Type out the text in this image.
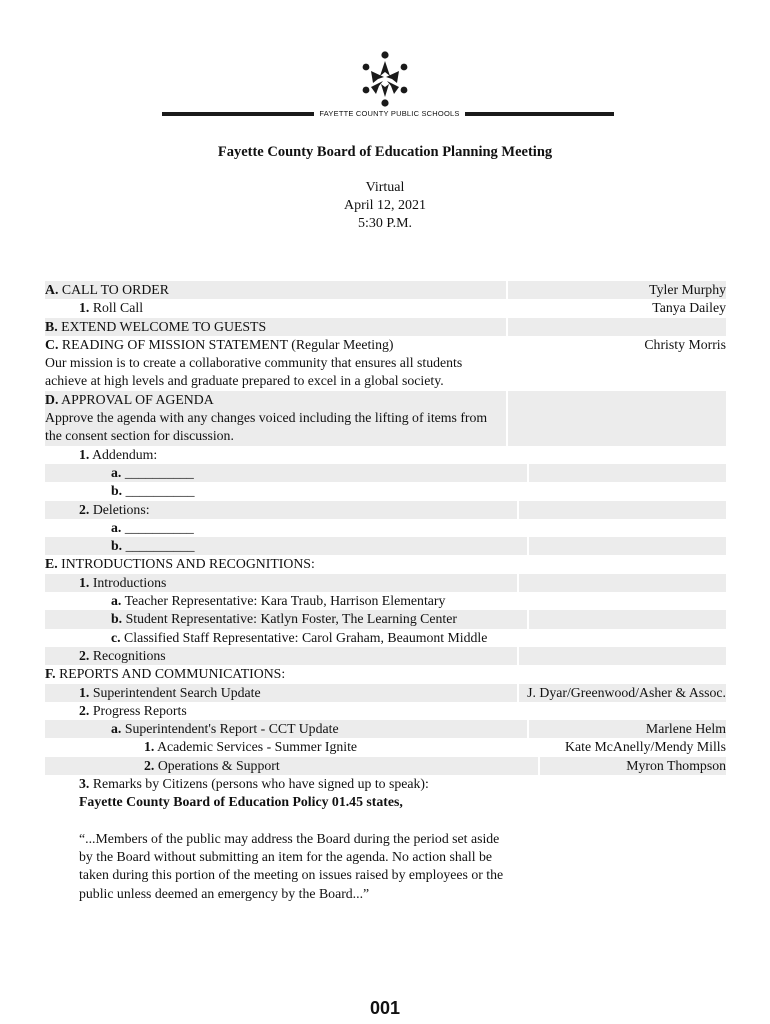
FAYETTE COUNTY PUBLIC SCHOOLS
Fayette County Board of Education Planning Meeting
Virtual
April 12, 2021
5:30 P.M.
A. CALL TO ORDER	Tyler Murphy
1. Roll Call	Tanya Dailey
B. EXTEND WELCOME TO GUESTS
C. READING OF MISSION STATEMENT (Regular Meeting)	Christy Morris
Our mission is to create a collaborative community that ensures all students achieve at high levels and graduate prepared to excel in a global society.
D. APPROVAL OF AGENDA
Approve the agenda with any changes voiced including the lifting of items from the consent section for discussion.
1. Addendum:
a. __________
b. __________
2. Deletions:
a. __________
b. __________
E. INTRODUCTIONS AND RECOGNITIONS:
1. Introductions
a. Teacher Representative: Kara Traub, Harrison Elementary
b. Student Representative: Katlyn Foster, The Learning Center
c. Classified Staff Representative: Carol Graham, Beaumont Middle
2. Recognitions
F. REPORTS AND COMMUNICATIONS:
1. Superintendent Search Update	J. Dyar/Greenwood/Asher & Assoc.
2. Progress Reports
a. Superintendent's Report - CCT Update	Marlene Helm
1. Academic Services - Summer Ignite	Kate McAnelly/Mendy Mills
2. Operations & Support	Myron Thompson
3. Remarks by Citizens (persons who have signed up to speak):
Fayette County Board of Education Policy 01.45 states,
“...Members of the public may address the Board during the period set aside by the Board without submitting an item for the agenda. No action shall be taken during this portion of the meeting on issues raised by employees or the public unless deemed an emergency by the Board...”
001
